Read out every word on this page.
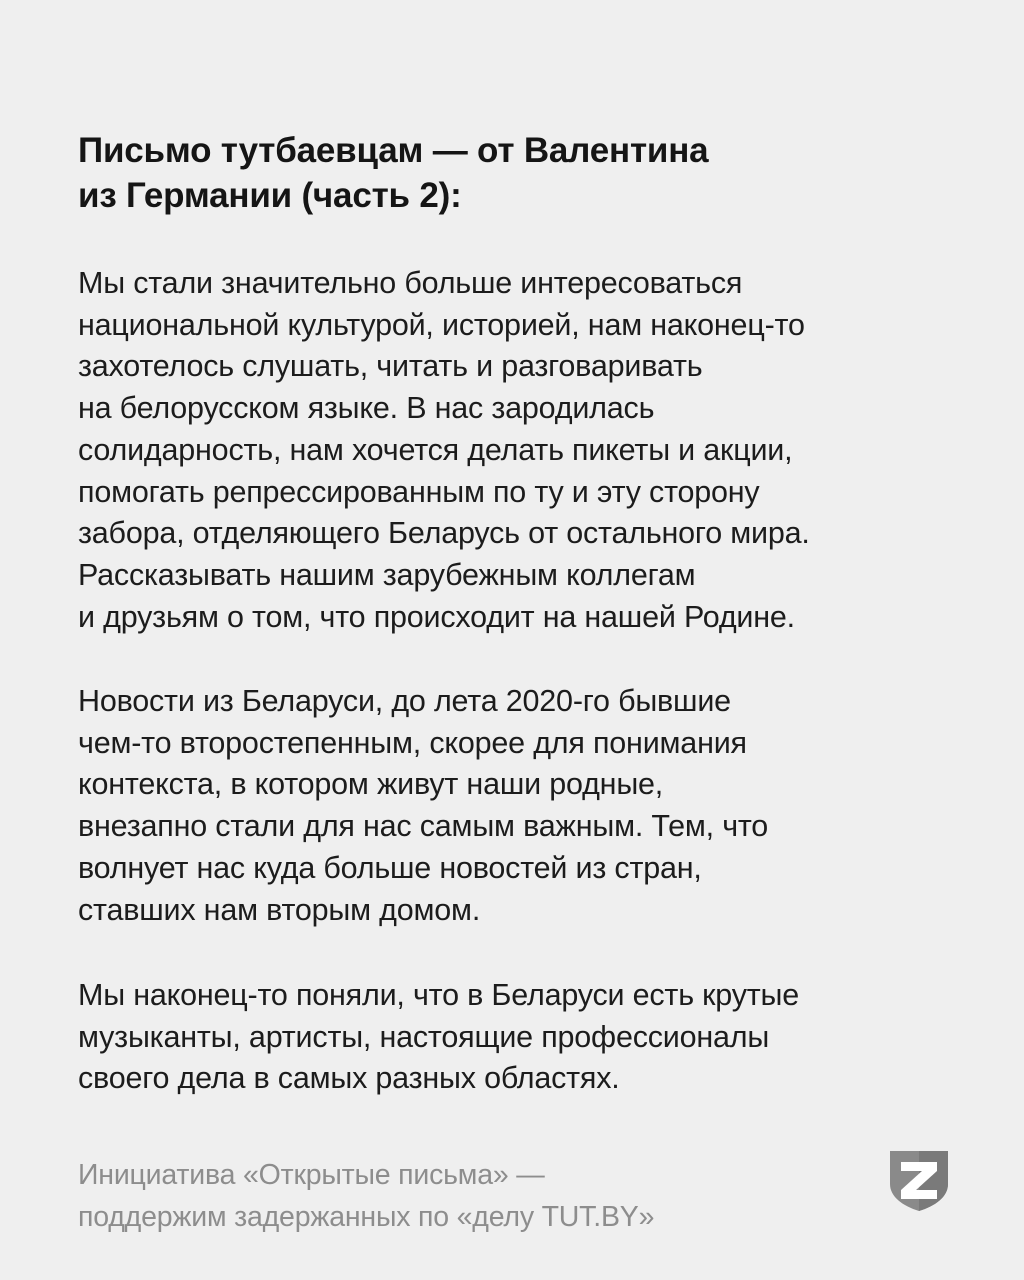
Письмо тутбаевцам — от Валентина
из Германии (часть 2):
Мы стали значительно больше интересоваться
национальной культурой, историей, нам наконец-то
захотелось слушать, читать и разговаривать
на белорусском языке. В нас зародилась
солидарность, нам хочется делать пикеты и акции,
помогать репрессированным по ту и эту сторону
забора, отделяющего Беларусь от остального мира.
Рассказывать нашим зарубежным коллегам
и друзьям о том, что происходит на нашей Родине.
Новости из Беларуси, до лета 2020-го бывшие
чем-то второстепенным, скорее для понимания
контекста, в котором живут наши родные,
внезапно стали для нас самым важным. Тем, что
волнует нас куда больше новостей из стран,
ставших нам вторым домом.
Мы наконец-то поняли, что в Беларуси есть крутые
музыканты, артисты, настоящие профессионалы
своего дела в самых разных областях.
Инициатива «Открытые письма» —
поддержим задержанных по «делу TUT.BY»
